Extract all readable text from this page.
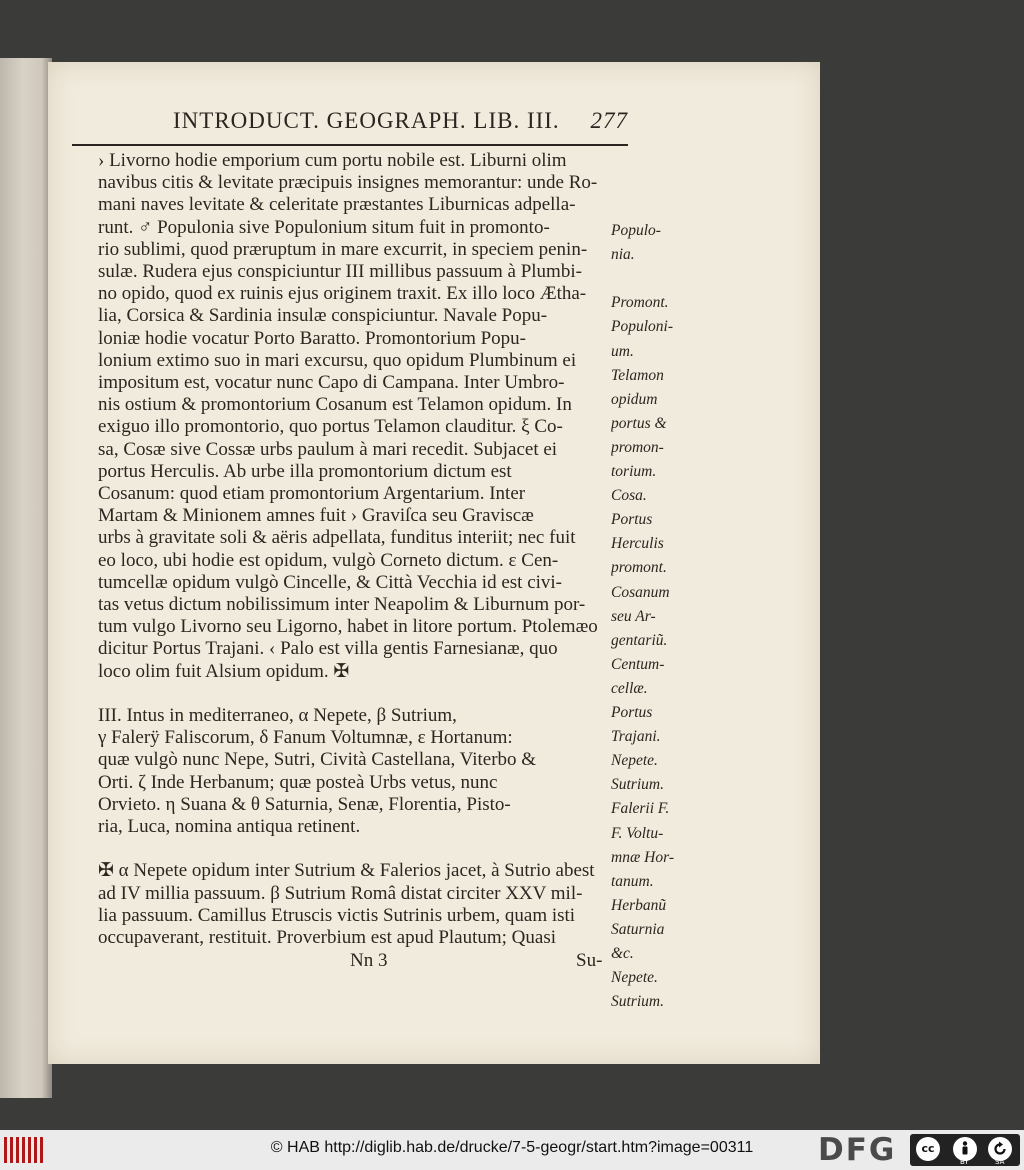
INTRODUCT. GEOGRAPH. LIB. III. 277
› Livorno hodie emporium cum portu nobile est. Liburni olim
navibus citis & levitate præcipuis insignes memorantur: unde Ro-
mani naves levitate & celeritate præstantes Liburnicas adpella-
runt. ♂ Populonia sive Populonium situm fuit in promonto-
rio sublimi, quod præruptum in mare excurrit, in speciem penin-
sulæ. Rudera ejus conspiciuntur III millibus passuum à Plumbi-
no opido, quod ex ruinis ejus originem traxit. Ex illo loco Ætha-
lia, Corsica & Sardinia insulæ conspiciuntur. Navale Popu-
loniæ hodie vocatur Porto Baratto. Promontorium Popu-
lonium extimo suo in mari excursu, quo opidum Plumbinum ei
impositum est, vocatur nunc Capo di Campana. Inter Umbro-
nis ostium & promontorium Cosanum est Telamon opidum. In
exiguo illo promontorio, quo portus Telamon clauditur. ξ Co-
sa, Cosæ sive Cossæ urbs paulum à mari recedit. Subjacet ei
portus Herculis. Ab urbe illa promontorium dictum est
Cosanum: quod etiam promontorium Argentarium. Inter
Martam & Minionem amnes fuit › Graviſca seu Graviscæ
urbs à gravitate soli & aëris adpellata, funditus interiit; nec fuit
eo loco, ubi hodie est opidum, vulgò Corneto dictum. ε Cen-
tumcellæ opidum vulgò Cincelle, & Città Vecchia id est civi-
tas vetus dictum nobilissimum inter Neapolim & Liburnum por-
tum vulgo Livorno seu Ligorno, habet in litore portum. Ptolemæo
dicitur Portus Trajani. ‹ Palo est villa gentis Farnesianæ, quo
loco olim fuit Alsium opidum. ✠
III. Intus in mediterraneo, α Nepete, β Sutrium,
γ Falerÿ Faliscorum, δ Fanum Voltumnæ, ε Hortanum:
quæ vulgò nunc Nepe, Sutri, Cività Castellana, Viterbo &
Orti. ζ Inde Herbanum; quæ posteà Urbs vetus, nunc
Orvieto. η Suana & θ Saturnia, Senæ, Florentia, Pisto-
ria, Luca, nomina antiqua retinent.
✠ α Nepete opidum inter Sutrium & Falerios jacet, à Sutrio abest
ad IV millia passuum. β Sutrium Româ distat circiter XXV mil-
lia passuum. Camillus Etruscis victis Sutrinis urbem, quam isti
occupaverant, restituit. Proverbium est apud Plautum; Quasi
Populo-
nia.
Promont.
Populoni-
um.
Telamon
opidum
portus &
promon-
torium.
Cosa.
Portus
Herculis
promont.
Cosanum
seu Ar-
gentariũ.
Centum-
cellæ.
Portus
Trajani.
Nepete.
Sutrium.
Falerii F.
F. Voltu-
mnæ Hor-
tanum.
Herbanũ
Saturnia
&c.
Nepete.
Sutrium.
Nn 3	Su-
© HAB http://diglib.hab.de/drucke/7-5-geogr/start.htm?image=00311	DFG	cc
BY	SA
